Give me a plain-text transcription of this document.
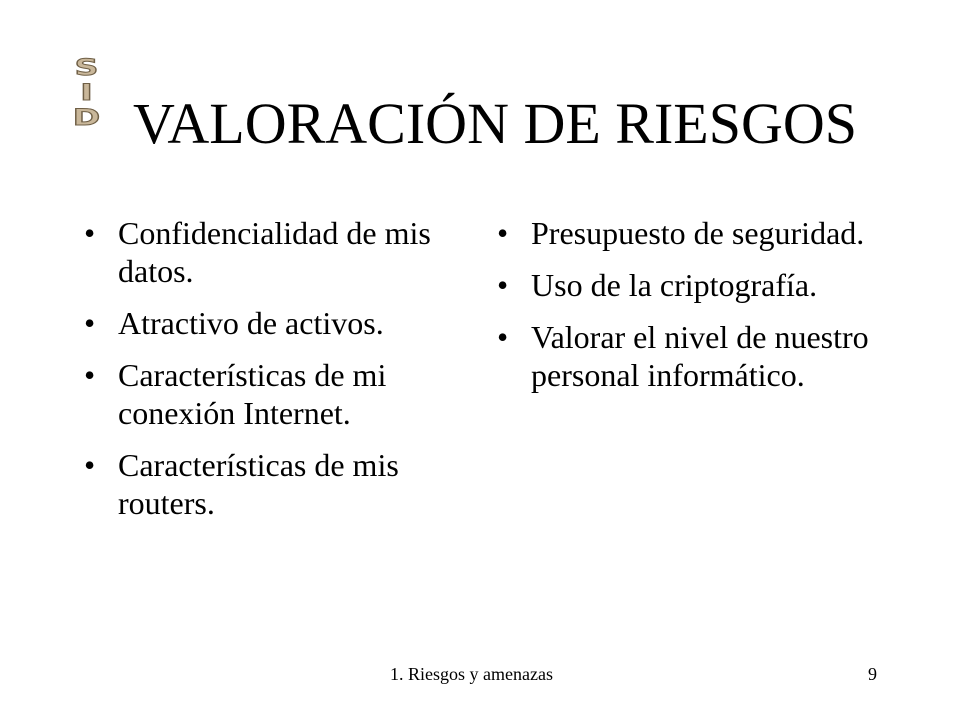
S
I
D VALORACIÓN DE RIESGOS
• Confidencialidad de mis datos.
• Atractivo de activos.
• Características de mi conexión Internet.
• Características de mis routers.
• Presupuesto de seguridad.
• Uso de la criptografía.
• Valorar el nivel de nuestro personal informático.
1. Riesgos y amenazas	9
